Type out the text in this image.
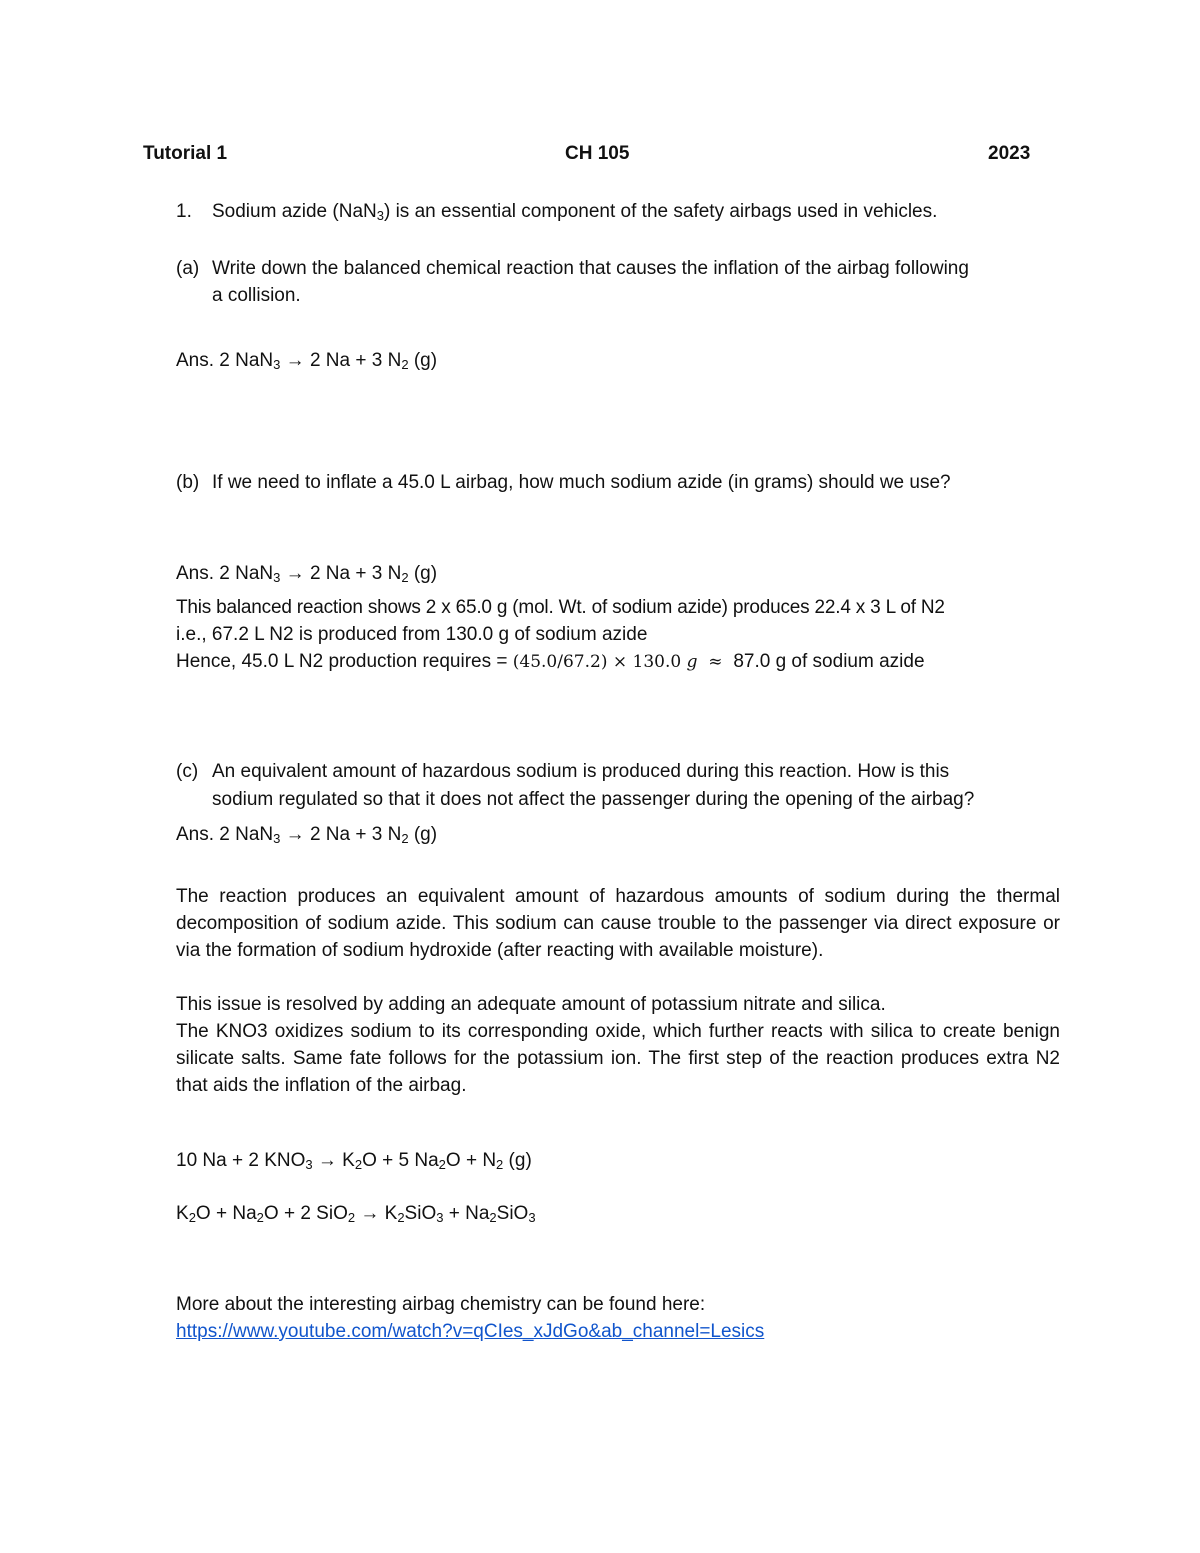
Tutorial 1	CH 105	2023
1. Sodium azide (NaN3) is an essential component of the safety airbags used in vehicles.
(a) Write down the balanced chemical reaction that causes the inflation of the airbag following
a collision.
Ans. 2 NaN3 → 2 Na + 3 N2 (g)
(b) If we need to inflate a 45.0 L airbag, how much sodium azide (in grams) should we use?
Ans. 2 NaN3 → 2 Na + 3 N2 (g)
This balanced reaction shows 2 x 65.0 g (mol. Wt. of sodium azide) produces 22.4 x 3 L of N2
i.e., 67.2 L N2 is produced from 130.0 g of sodium azide
Hence, 45.0 L N2 production requires = (45.0/67.2) × 130.0 g  ≈  87.0 g of sodium azide
(c) An equivalent amount of hazardous sodium is produced during this reaction. How is this
sodium regulated so that it does not affect the passenger during the opening of the airbag?
Ans. 2 NaN3 → 2 Na + 3 N2 (g)
The reaction produces an equivalent amount of hazardous amounts of sodium during the thermal decomposition of sodium azide. This sodium can cause trouble to the passenger via direct exposure or via the formation of sodium hydroxide (after reacting with available moisture).
This issue is resolved by adding an adequate amount of potassium nitrate and silica.
The KNO3 oxidizes sodium to its corresponding oxide, which further reacts with silica to create benign silicate salts. Same fate follows for the potassium ion. The first step of the reaction produces extra N2 that aids the inflation of the airbag.
10 Na + 2 KNO3 → K2O + 5 Na2O + N2 (g)
K2O + Na2O + 2 SiO2 → K2SiO3 + Na2SiO3
More about the interesting airbag chemistry can be found here:
https://www.youtube.com/watch?v=qCIes_xJdGo&ab_channel=Lesics
